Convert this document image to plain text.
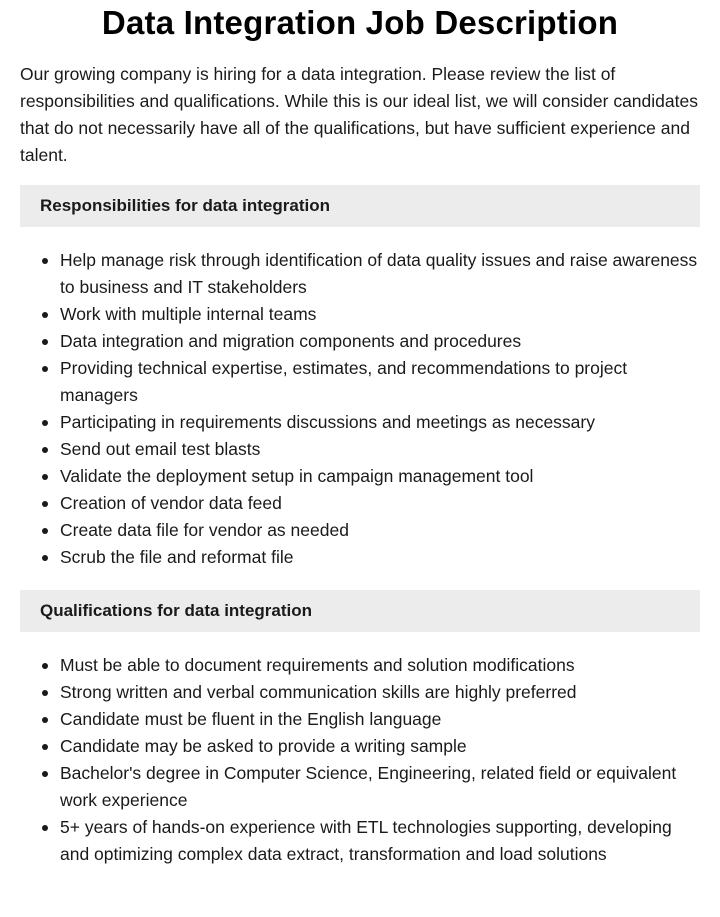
Data Integration Job Description

Our growing company is hiring for a data integration. Please review the list of responsibilities and qualifications. While this is our ideal list, we will consider candidates that do not necessarily have all of the qualifications, but have sufficient experience and talent.

Responsibilities for data integration
Help manage risk through identification of data quality issues and raise awareness to business and IT stakeholders
Work with multiple internal teams
Data integration and migration components and procedures
Providing technical expertise, estimates, and recommendations to project managers
Participating in requirements discussions and meetings as necessary
Send out email test blasts
Validate the deployment setup in campaign management tool
Creation of vendor data feed
Create data file for vendor as needed
Scrub the file and reformat file
Qualifications for data integration
Must be able to document requirements and solution modifications
Strong written and verbal communication skills are highly preferred
Candidate must be fluent in the English language
Candidate may be asked to provide a writing sample
Bachelor's degree in Computer Science, Engineering, related field or equivalent work experience
5+ years of hands-on experience with ETL technologies supporting, developing and optimizing complex data extract, transformation and load solutions
